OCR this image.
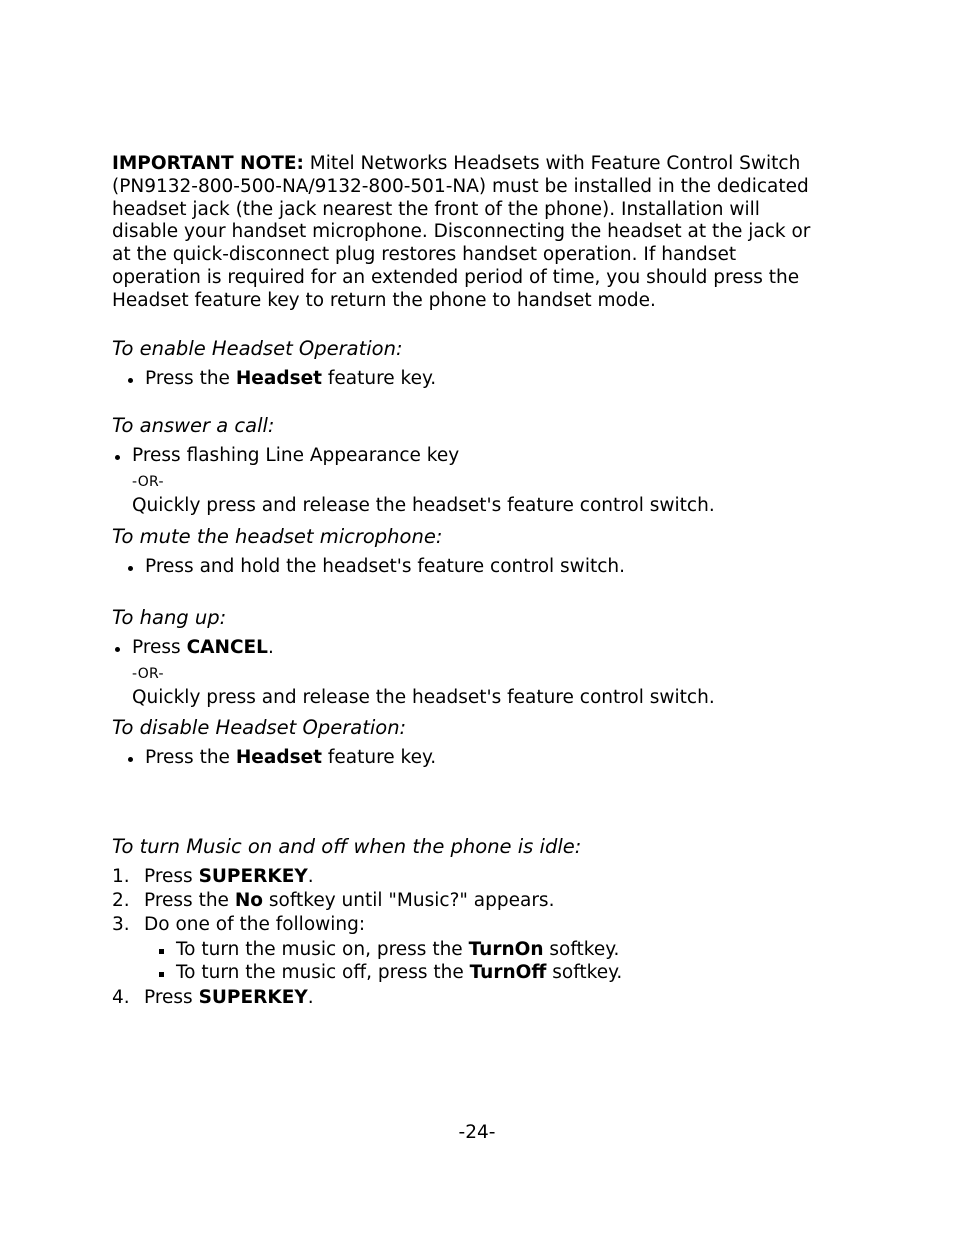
IMPORTANT NOTE: Mitel Networks Headsets with Feature Control Switch
(PN9132-800-500-NA/9132-800-501-NA) must be installed in the dedicated
headset jack (the jack nearest the front of the phone). Installation will
disable your handset microphone. Disconnecting the headset at the jack or
at the quick-disconnect plug restores handset operation. If handset
operation is required for an extended period of time, you should press the
Headset feature key to return the phone to handset mode.
To enable Headset Operation:
Press the Headset feature key.
To answer a call:
Press flashing Line Appearance key
-OR-
Quickly press and release the headset's feature control switch.
To mute the headset microphone:
Press and hold the headset's feature control switch.
To hang up:
Press CANCEL.
-OR-
Quickly press and release the headset's feature control switch.
To disable Headset Operation:
Press the Headset feature key.
To turn Music on and off when the phone is idle:
1. Press SUPERKEY.
2. Press the No softkey until "Music?" appears.
3. Do one of the following:
To turn the music on, press the TurnOn softkey.
To turn the music off, press the TurnOff softkey.
4. Press SUPERKEY.
-24-
